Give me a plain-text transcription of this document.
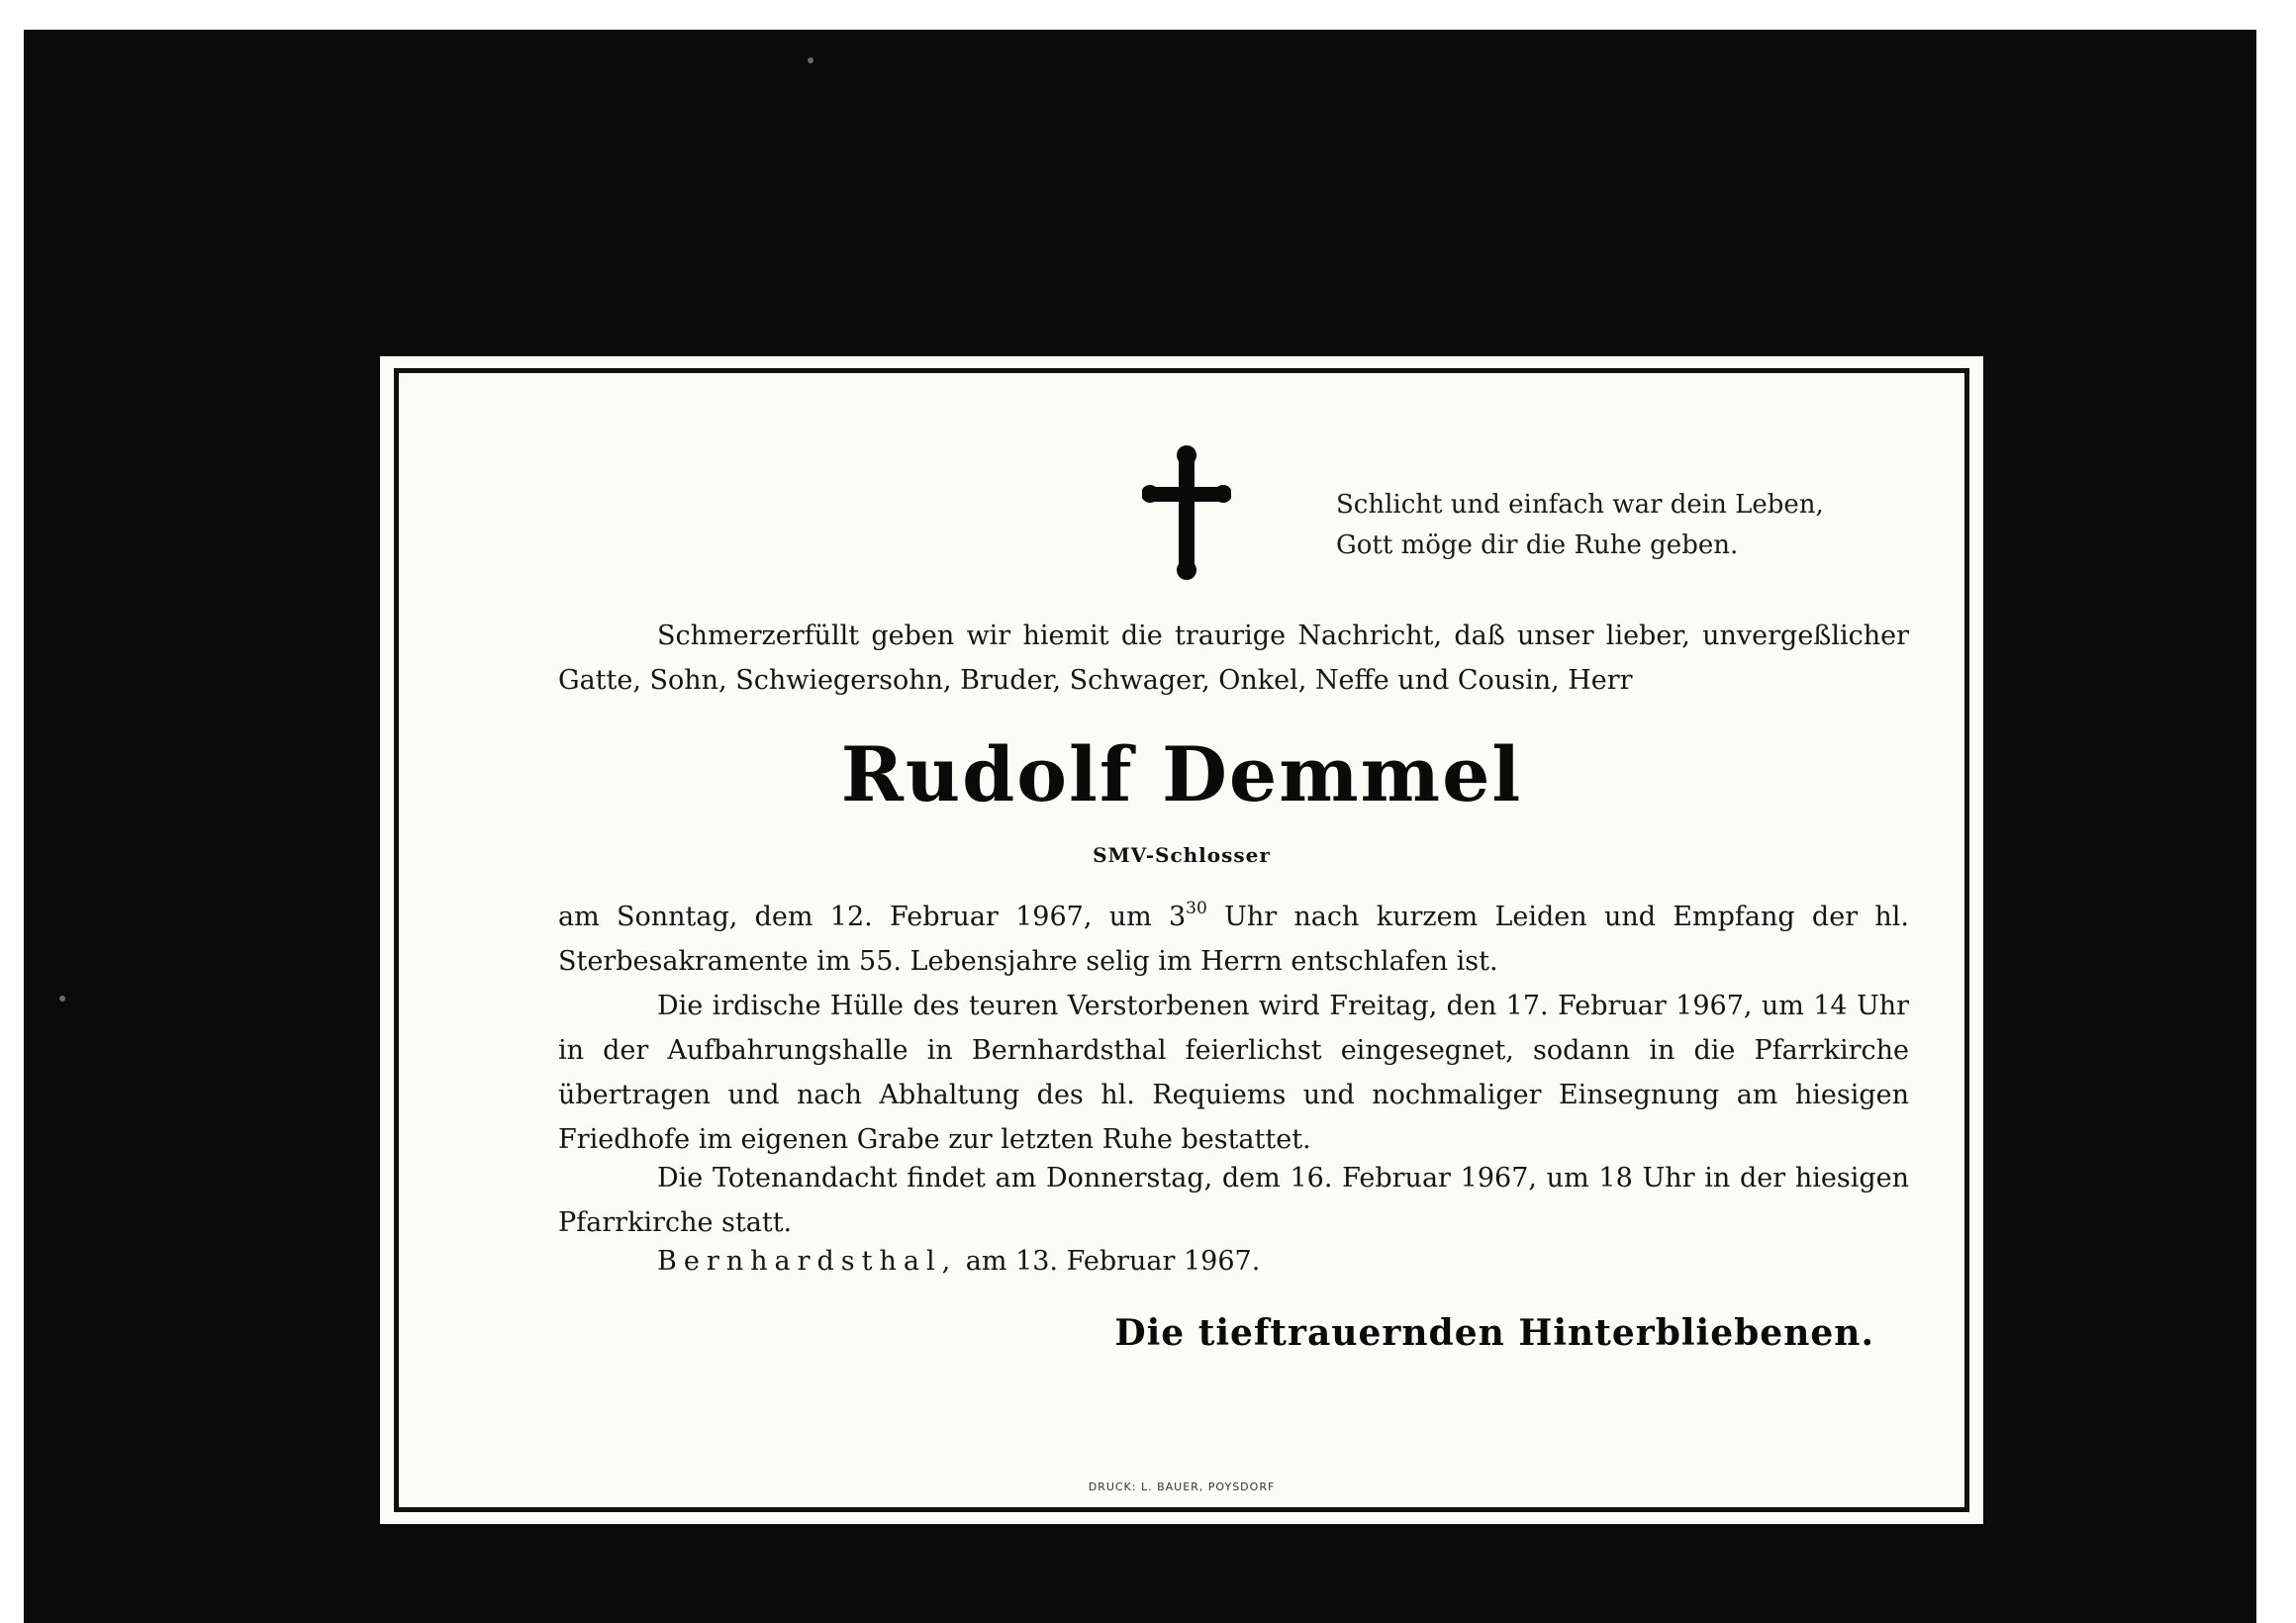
Schlicht und einfach war dein Leben,
Gott möge dir die Ruhe geben.
Schmerzerfüllt geben wir hiemit die traurige Nachricht, daß unser lieber, unvergeßlicher Gatte, Sohn, Schwiegersohn, Bruder, Schwager, Onkel, Neffe und Cousin, Herr
Rudolf Demmel
SMV-Schlosser
am Sonntag, dem 12. Februar 1967, um $3^{30}$ Uhr nach kurzem Leiden und Empfang der hl. Sterbesakramente im 55. Lebensjahre selig im Herrn entschlafen ist.
Die irdische Hülle des teuren Verstorbenen wird Freitag, den 17. Februar 1967, um 14 Uhr in der Aufbahrungshalle in Bernhardsthal feierlichst eingesegnet, sodann in die Pfarrkirche übertragen und nach Abhaltung des hl. Requiems und nochmaliger Einsegnung am hiesigen Friedhofe im eigenen Grabe zur letzten Ruhe bestattet.
Die Totenandacht findet am Donnerstag, dem 16. Februar 1967, um 18 Uhr in der hiesigen Pfarrkirche statt.
Bernhardsthal, am 13. Februar 1967.
Die tieftrauernden Hinterbliebenen.
DRUCK: L. BAUER, POYSDORF
